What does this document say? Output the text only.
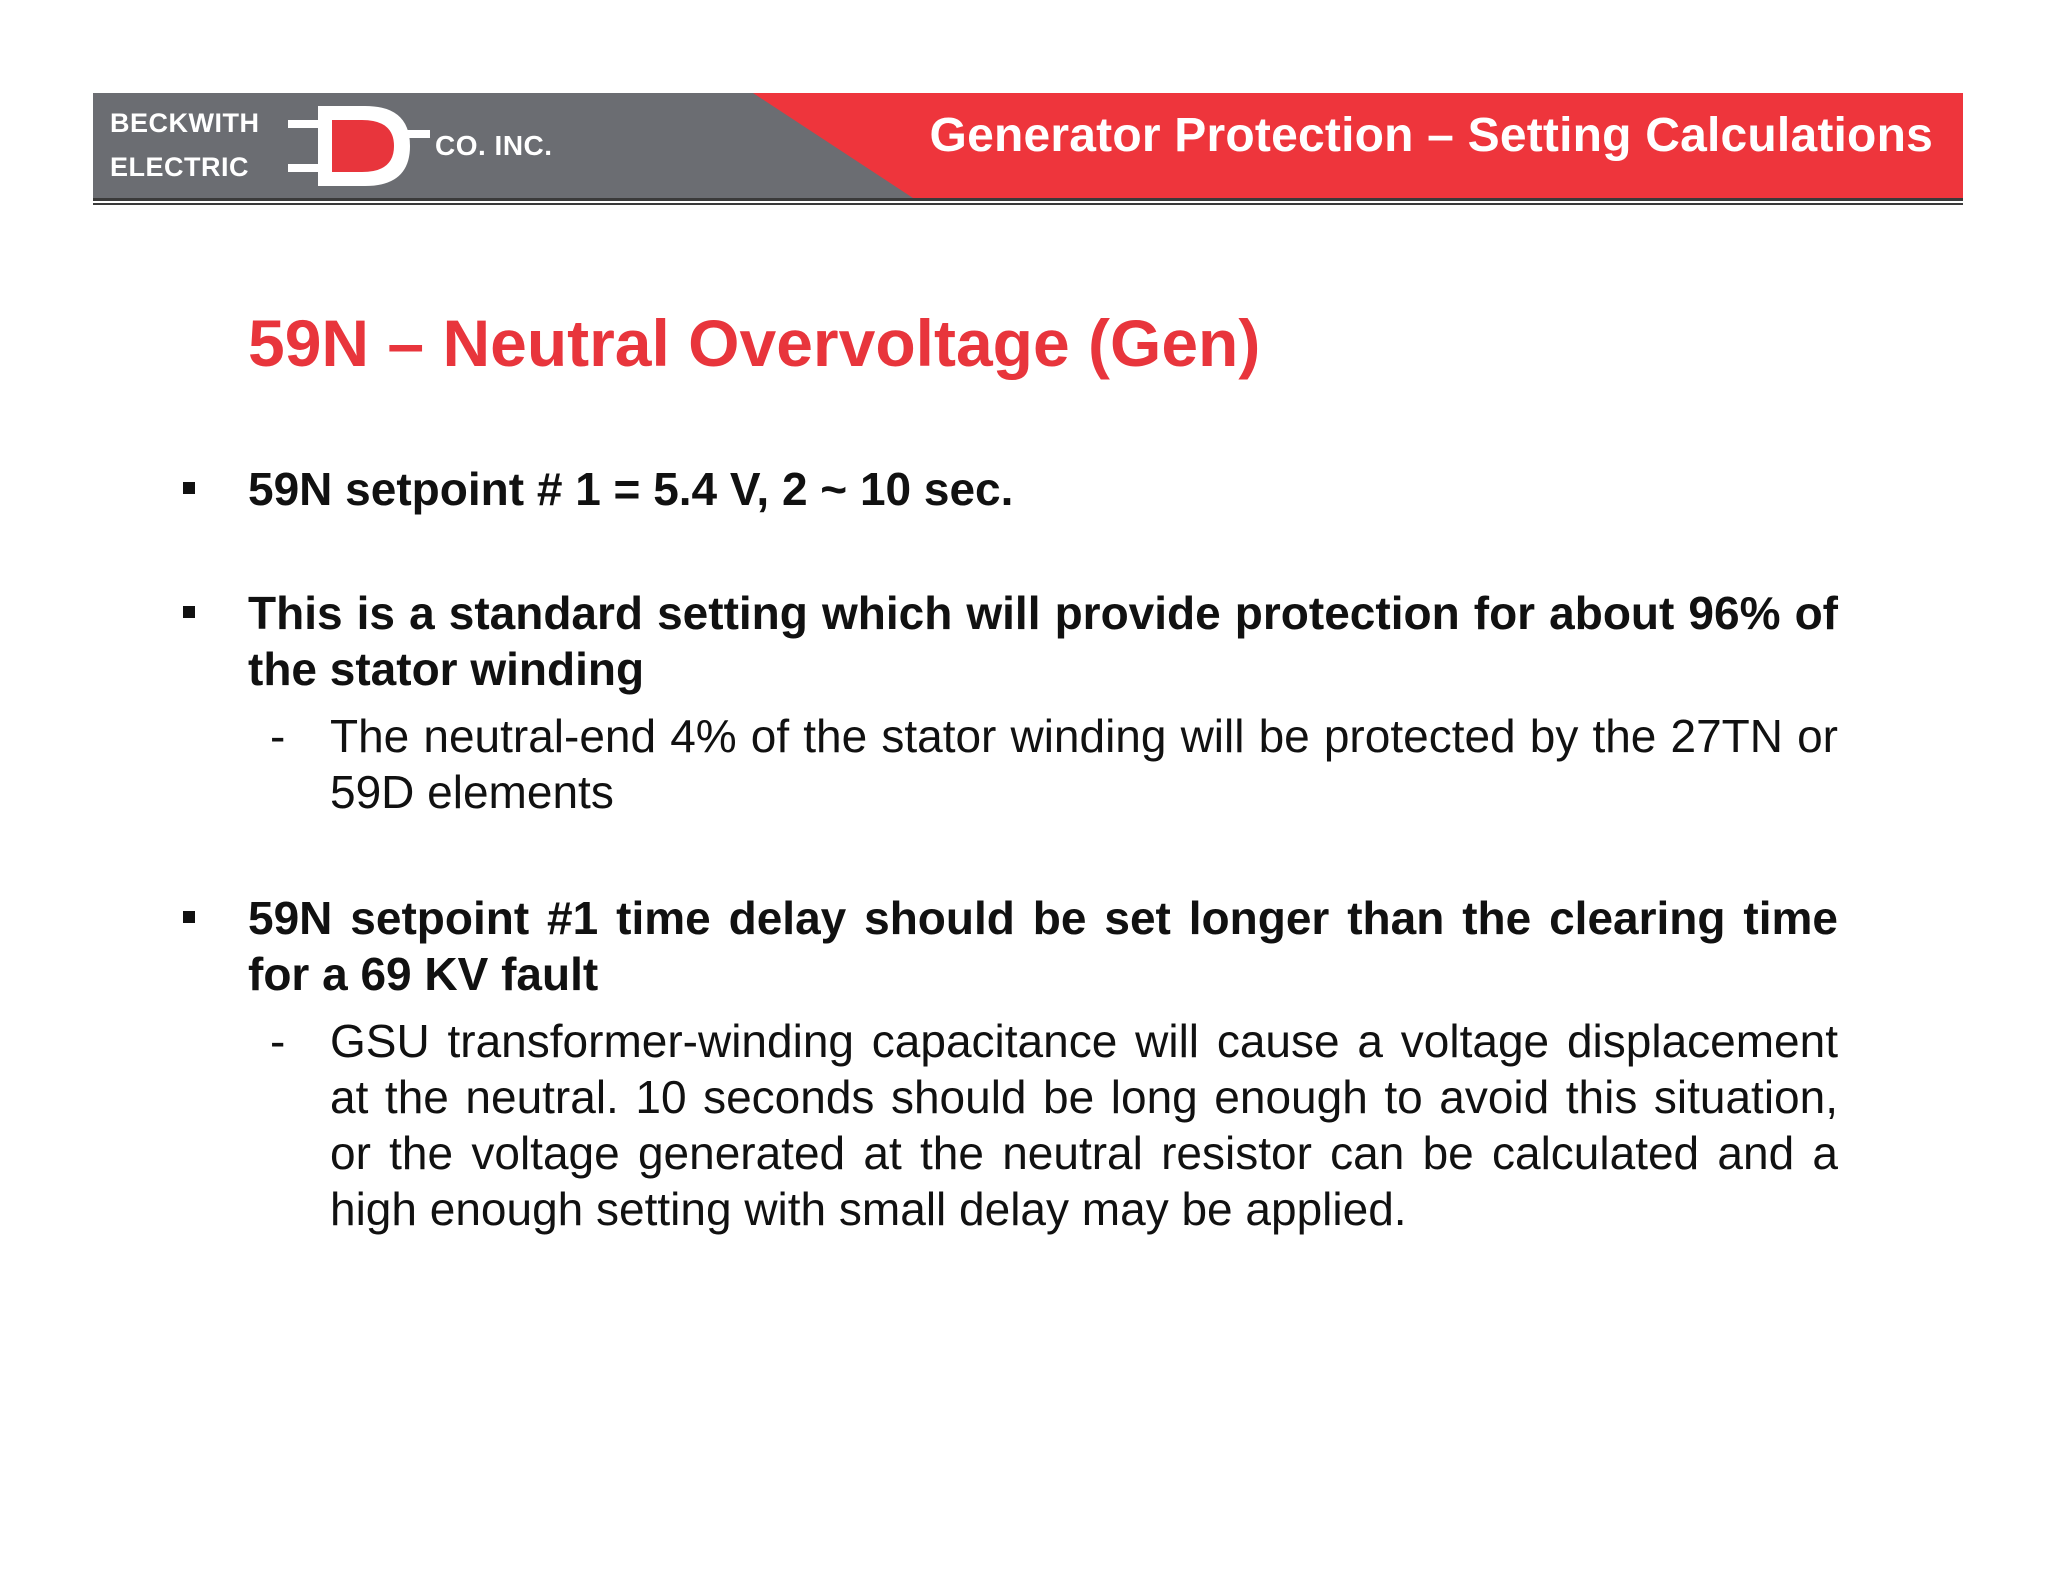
Generator Protection – Setting Calculations
BECKWITH
ELECTRIC
CO. INC.
59N – Neutral Overvoltage (Gen)
59N setpoint # 1 = 5.4 V, 2 ~ 10 sec.
This is a standard setting which will provide protection for about 96% of the stator winding
- The neutral-end 4% of the stator winding will be protected by the 27TN or 59D elements
59N setpoint #1 time delay should be set longer than the clearing time for a 69 KV fault
- GSU transformer-winding capacitance will cause a voltage displacement at the neutral. 10 seconds should be long enough to avoid this situation, or the voltage generated at the neutral resistor can be calculated and a high enough setting with small delay may be applied.
